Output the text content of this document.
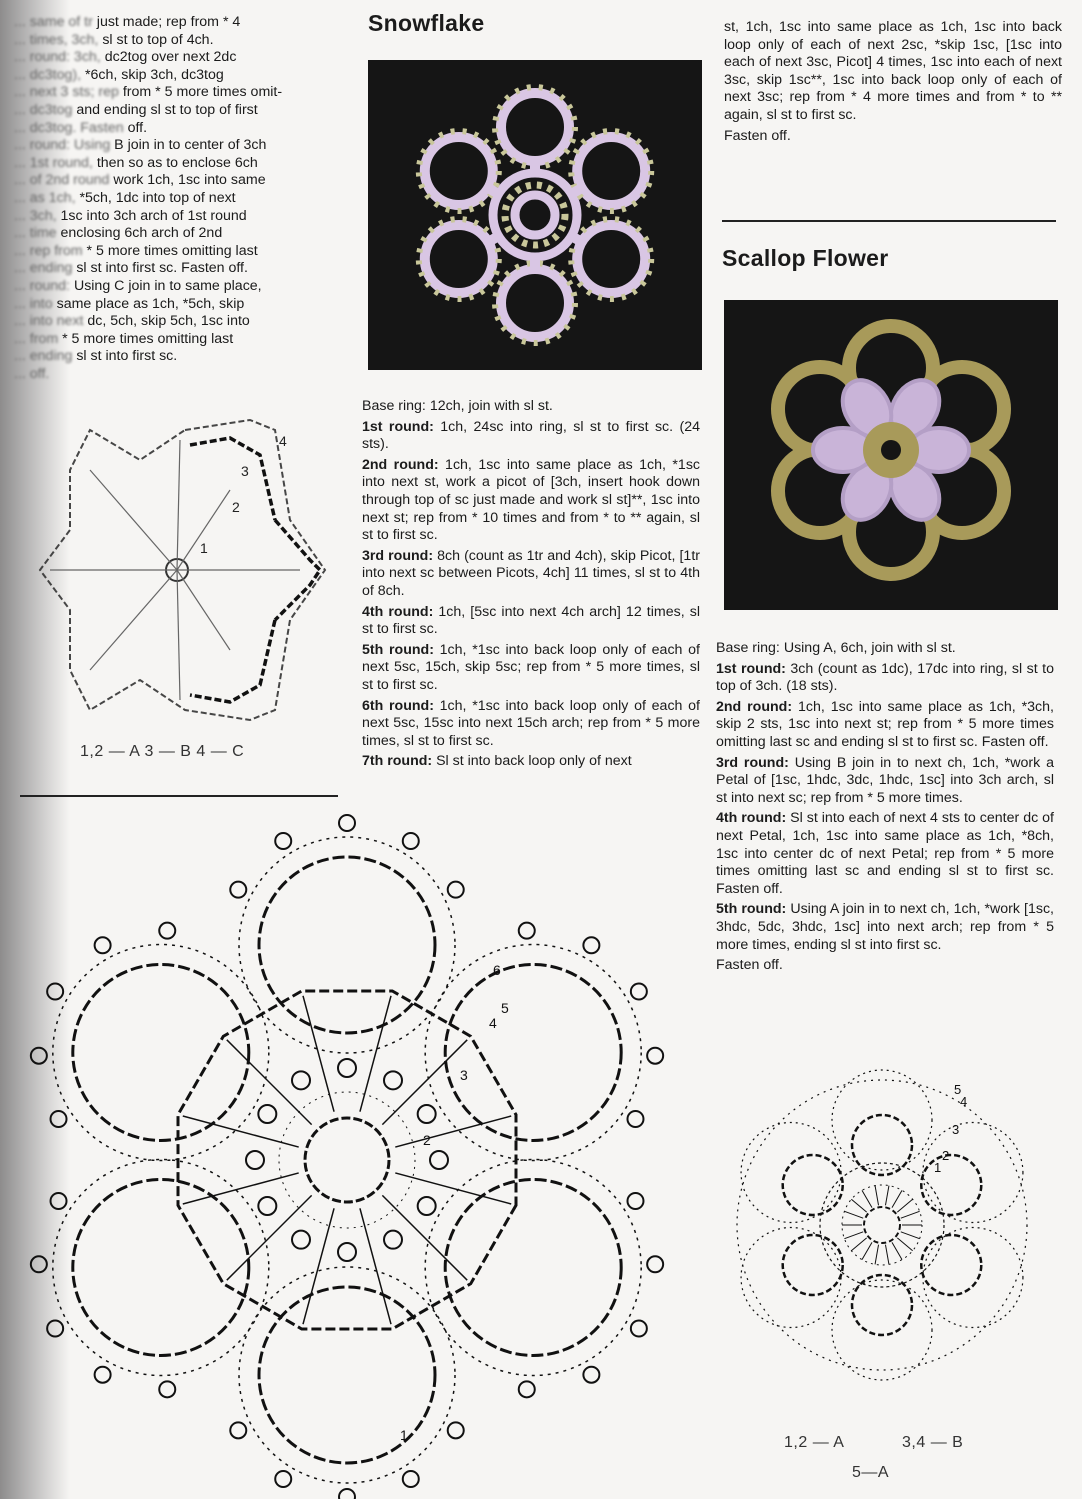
... same of tr just made; rep from * 4
... times, 3ch, sl st to top of 4ch.
... round: 3ch, dc2tog over next 2dc
... dc3tog), *6ch, skip 3ch, dc3tog
... next 3 sts; rep from * 5 more times omit-
... dc3tog and ending sl st to top of first
... dc3tog. Fasten off.
... round: Using B join in to center of 3ch
... 1st round, then so as to enclose 6ch
... of 2nd round work 1ch, 1sc into same
... as 1ch, *5ch, 1dc into top of next
... 3ch, 1sc into 3ch arch of 1st round
... time enclosing 6ch arch of 2nd
... rep from * 5 more times omitting last
... ending sl st into first sc. Fasten off.
... round: Using C join in to same place,
... into same place as 1ch, *5ch, skip
... into next dc, 5ch, skip 5ch, 1sc into
... from * 5 more times omitting last
... ending sl st into first sc.
... off.
1
2
3
4
1,2 — A 3 — B 4 — C
Snowflake

Base ring: 12ch, join with sl st.

1st round: 1ch, 24sc into ring, sl st to first sc. (24 sts).

2nd round: 1ch, 1sc into same place as 1ch, *1sc into next st, work a picot of [3ch, insert hook down through top of sc just made and work sl st]**, 1sc into next st; rep from * 10 times and from * to ** again, sl st to first sc.

3rd round: 8ch (count as 1tr and 4ch), skip Picot, [1tr into next sc between Picots, 4ch] 11 times, sl st to 4th of 8ch.

4th round: 1ch, [5sc into next 4ch arch] 12 times, sl st to first sc.

5th round: 1ch, *1sc into back loop only of each of next 5sc, 15ch, skip 5sc; rep from * 5 more times, sl st to first sc.

6th round: 1ch, *1sc into back loop only of each of next 5sc, 15sc into next 15ch arch; rep from * 5 more times, sl st to first sc.

7th round: Sl st into back loop only of next

st, 1ch, 1sc into same place as 1ch, 1sc into back loop only of each of next 2sc, *skip 1sc, [1sc into each of next 3sc, Picot] 4 times, 1sc into each of next 3sc, skip 1sc**, 1sc into back loop only of each of next 3sc; rep from * 4 more times and from * to ** again, sl st to first sc.

Fasten off.

Scallop Flower

Base ring: Using A, 6ch, join with sl st.

1st round: 3ch (count as 1dc), 17dc into ring, sl st to top of 3ch. (18 sts).

2nd round: 1ch, 1sc into same place as 1ch, *3ch, skip 2 sts, 1sc into next st; rep from * 5 more times omitting last sc and ending sl st to first sc. Fasten off.

3rd round: Using B join in to next ch, 1ch, *work a Petal of [1sc, 1hdc, 3dc, 1hdc, 1sc] into 3ch arch, sl st into next sc; rep from * 5 more times.

4th round: Sl st into each of next 4 sts to center dc of next Petal, 1ch, 1sc into same place as 1ch, *8ch, 1sc into center dc of next Petal; rep from * 5 more times omitting last sc and ending sl st to first sc. Fasten off.

5th round: Using A join in to next ch, 1ch, *work [1sc, 3hdc, 5dc, 3hdc, 1sc] into next arch; rep from * 5 more times, ending sl st into first sc.

Fasten off.

1
2
3
4
5
6
1
2
3
4
5
1,2 — A	3,4 — B
5—A
